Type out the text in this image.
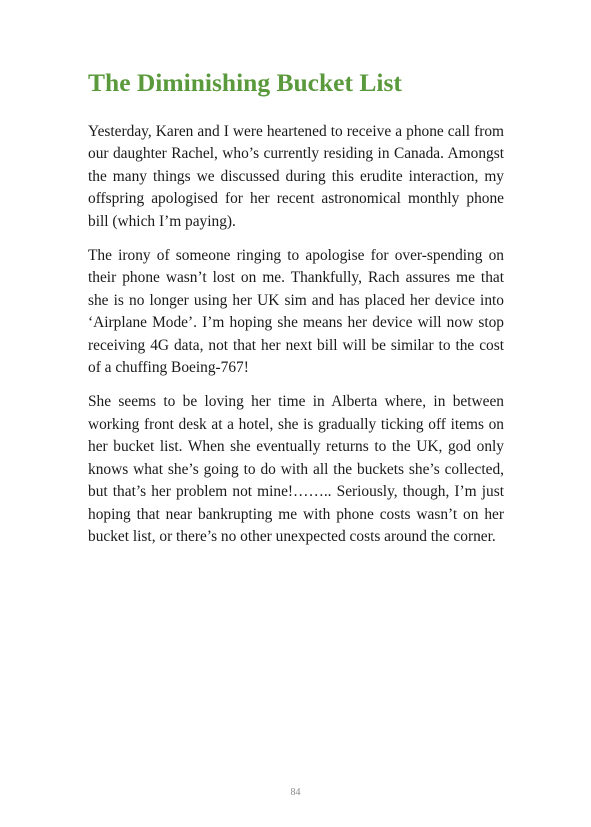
The Diminishing Bucket List

Yesterday, Karen and I were heartened to receive a phone call from our daughter Rachel, who’s currently residing in Canada. Amongst the many things we discussed during this erudite interaction, my offspring apologised for her recent astronomical monthly phone bill (which I’m paying).

The irony of someone ringing to apologise for over-spending on their phone wasn’t lost on me. Thankfully, Rach assures me that she is no longer using her UK sim and has placed her device into ‘Airplane Mode’. I’m hoping she means her device will now stop receiving 4G data, not that her next bill will be similar to the cost of a chuffing Boeing-767!

She seems to be loving her time in Alberta where, in between working front desk at a hotel, she is gradually ticking off items on her bucket list. When she eventually returns to the UK, god only knows what she’s going to do with all the buckets she’s collected, but that’s her problem not mine!…….. Seriously, though, I’m just hoping that near bankrupting me with phone costs wasn’t on her bucket list, or there’s no other unexpected costs around the corner.

84
